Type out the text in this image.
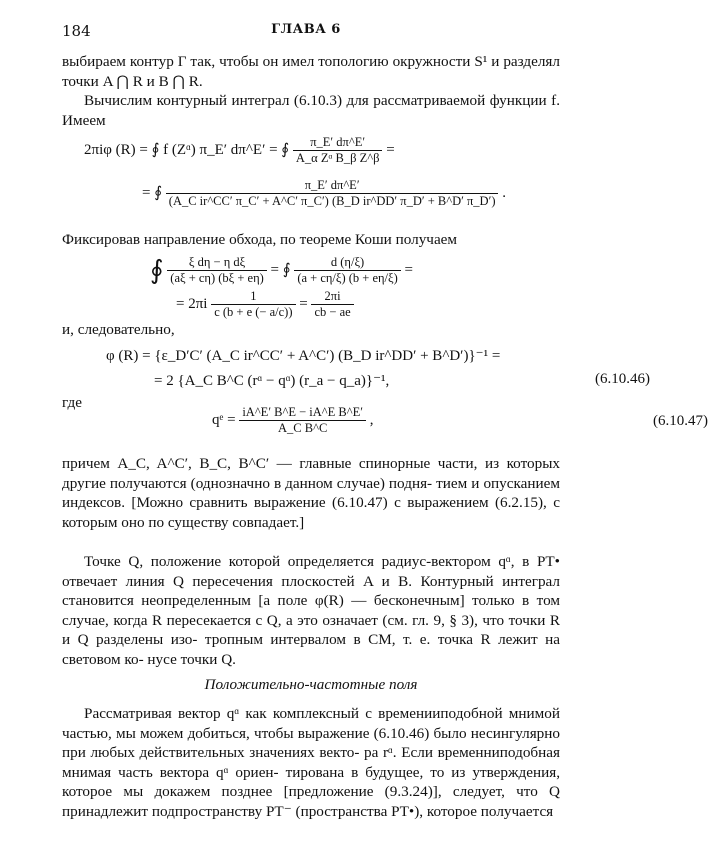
184	ГЛАВА 6

выбираем контур Γ так, чтобы он имел топологию окружности S¹ и разделял точки A ⋂ R и B ⋂ R.

Вычислим контурный интеграл (6.10.3) для рассматриваемой функции f. Имеем

2πiφ (R) = ∮ f (Zᵅ) π_E′ dπ^E′ = ∮ $\frac{\pi\_E' d\pi\^{}E'}{\text{A\_α Zᵅ B\_β Z\textasciicircum{}β}}$ =
= ∮ $\frac{\pi\_E' d\pi\^{}E'}{\text{(A\_C ir\textasciicircum{}CC′ π\_C′ + A\textasciicircum{}C′ π\_C′) (B\_D ir\textasciicircum{}DD′ π\_D′ + B\textasciicircum{}D′ π\_D′)}}$ .

Фиксировав направление обхода, по теореме Коши получаем

∮ $\frac{\text{ξ dη − η dξ}}{(a\xi + c\eta) (b\xi + e\eta)}$ = ∮ $\frac{d (\eta/\xi)}{(a + c\eta/\xi) (b + e\eta/\xi)}$ =
= $2\pi i \frac{1}{c (b + e (- a/c))} = \frac{2\pi i}{cb - ae}$

и, следовательно,

φ (R) = {ε_D′C′ (A_C ir^CC′ + A^C′) (B_D ir^DD′ + B^D′)}⁻¹ =
= 2 {A_C B^C (rᵅ − qᵅ) (r_a − q_a)}⁻¹,	(6.10.46)

где

qᵉ = $\frac{\text{iA\textasciicircum{}E′ B\textasciicircum{}E − iA\textasciicircum{}E B\textasciicircum{}E′}}{\text{A\_C B\textasciicircum{}C}}$ ,	(6.10.47)

причем A_C, A^C′, B_C, B^C′ — главные спинорные части, из которых другие получаются (однозначно в данном случае) подня- тием и опусканием индексов. [Можно сравнить выражение (6.10.47) с выражением (6.2.15), с которым оно по существу совпадает.]

Точке Q, положение которой определяется радиус-вектором qᵅ, в PT• отвечает линия Q пересечения плоскостей A и B. Контурный интеграл становится неопределенным [а поле φ(R) — бесконечным] только в том случае, когда R пересекается с Q, а это означает (см. гл. 9, § 3), что точки R и Q разделены изо- тропным интервалом в CM, т. е. точка R лежит на световом ко- нусе точки Q.

Положительно-частотные поля

Рассматривая вектор qᵅ как комплексный с временииподобной мнимой частью, мы можем добиться, чтобы выражение (6.10.46) было несингулярно при любых действительных значениях векто- ра rᵅ. Если временниподобная мнимая часть вектора qᵅ ориен- тирована в будущее, то из утверждения, которое мы докажем позднее [предложение (9.3.24)], следует, что Q принадлежит подпространству PT⁻ (пространства PT•), которое получается
